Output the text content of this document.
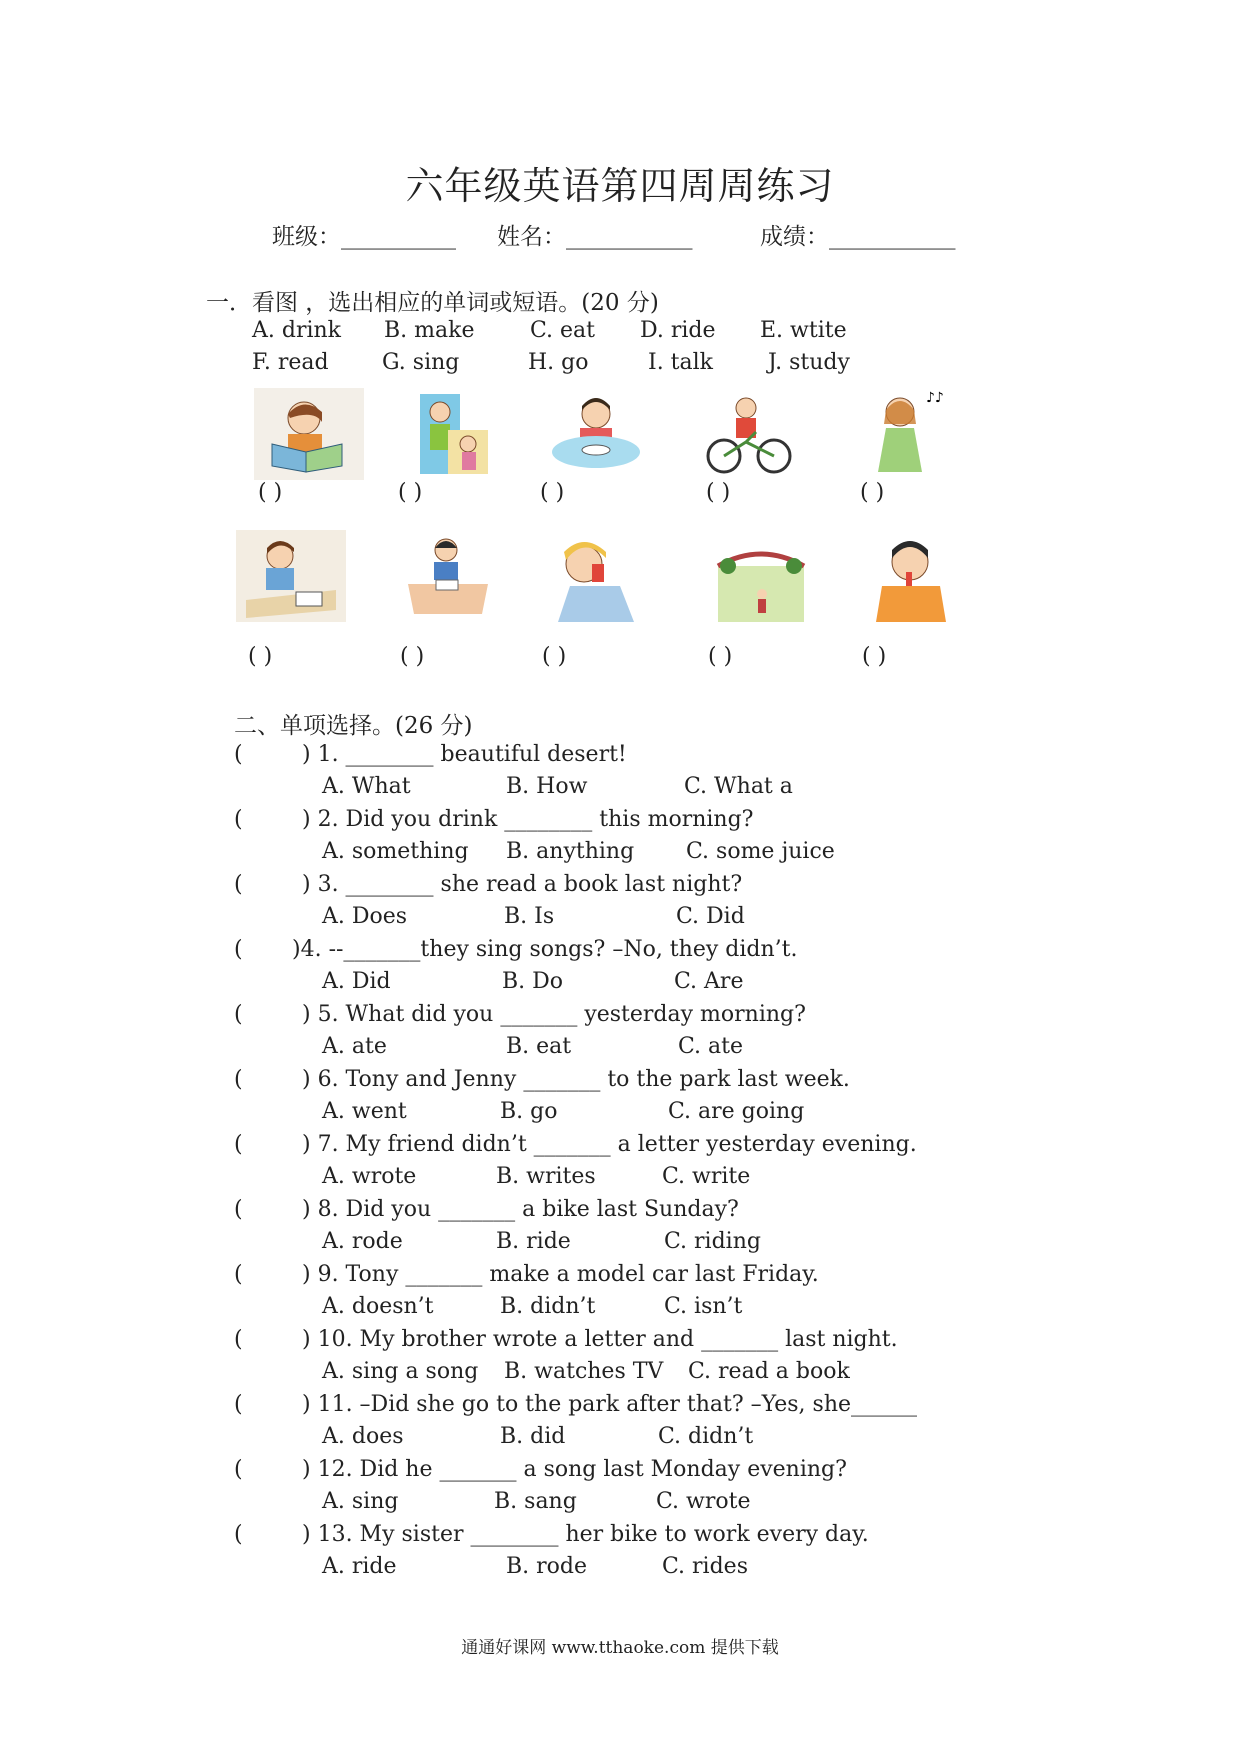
六年级英语第四周周练习
班级：__________ 姓名：___________	成绩：___________
一．看图 ，选出相应的单词或短语。(20 分)
A. drink B. make	C. eat D. ride E. wtite
F. read G. sing	H. go	I. talk J. study
♪♪
( )	( )	( )	( )	( )
( )	( )	( )	( )	( )
二、单项选择。(26 分)
(	) 1. ________ beautiful desert!
A. What	B. How	C. What a
(	) 2. Did you drink ________ this morning?
A. something B. anything C. some juice
(	) 3. ________ she read a book last night?
A. Does	B. Is	C. Did
( )4. --_______they sing songs? –No, they didn’t.
A. Did	B. Do	C. Are
(	) 5. What did you _______ yesterday morning?
A. ate	B. eat	C. ate
(	) 6. Tony and Jenny _______ to the park last week.
A. went	B. go	C. are going
(	) 7. My friend didn’t _______ a letter yesterday evening.
A. wrote	B. writes	C. write
(	) 8. Did you _______ a bike last Sunday?
A. rode	B. ride	C. riding
(	) 9. Tony _______ make a model car last Friday.
A. doesn’t	B. didn’t	C. isn’t
(	) 10. My brother wrote a letter and _______ last night.
A. sing a song B. watches TV C. read a book
(	) 11. –Did she go to the park after that? –Yes, she______
A. does	B. did	C. didn’t
(	) 12. Did he _______ a song last Monday evening?
A. sing	B. sang	C. wrote
(	) 13. My sister ________ her bike to work every day.
A. ride	B. rode	C. rides
通通好课网 www.tthaoke.com 提供下载
